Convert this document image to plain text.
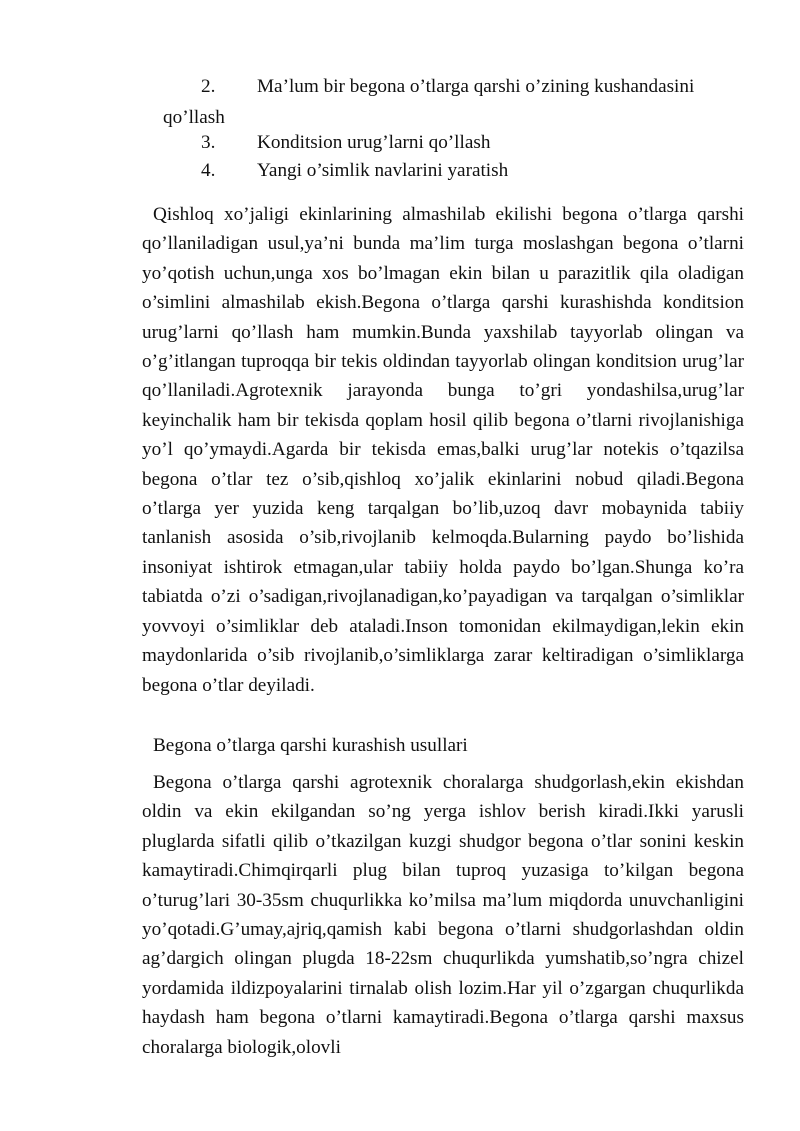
2. Ma’lum bir begona o’tlarga qarshi o’zining kushandasini
qo’llash
3. Konditsion urug’larni qo’llash
4. Yangi o’simlik navlarini yaratish

Qishloq xo’jaligi ekinlarining almashilab ekilishi begona o’tlarga qarshi qo’llaniladigan usul,ya’ni bunda ma’lim turga moslashgan begona o’tlarni yo’qotish uchun,unga xos bo’lmagan ekin bilan u parazitlik qila oladigan o’simlini almashilab ekish.Begona o’tlarga qarshi kurashishda konditsion urug’larni qo’llash ham mumkin.Bunda yaxshilab tayyorlab olingan va o’g’itlangan tuproqqa bir tekis oldindan tayyorlab olingan konditsion urug’lar qo’llaniladi.Agrotexnik jarayonda bunga to’gri yondashilsa,urug’lar keyinchalik ham bir tekisda qoplam hosil qilib begona o’tlarni rivojlanishiga yo’l qo’ymaydi.Agarda bir tekisda emas,balki urug’lar notekis o’tqazilsa begona o’tlar tez o’sib,qishloq xo’jalik ekinlarini nobud qiladi.Begona o’tlarga yer yuzida keng tarqalgan bo’lib,uzoq davr mobaynida tabiiy tanlanish asosida o’sib,rivojlanib kelmoqda.Bularning paydo bo’lishida insoniyat ishtirok etmagan,ular tabiiy holda paydo bo’lgan.Shunga ko’ra tabiatda o’zi o’sadigan,rivojlanadigan,ko’payadigan va tarqalgan o’simliklar yovvoyi o’simliklar deb ataladi.Inson tomonidan ekilmaydigan,lekin ekin maydonlarida o’sib rivojlanib,o’simliklarga zarar keltiradigan o’simliklarga begona o’tlar deyiladi.

Begona o’tlarga qarshi kurashish usullari

Begona o’tlarga qarshi agrotexnik choralarga shudgorlash,ekin ekishdan oldin va ekin ekilgandan so’ng yerga ishlov berish kiradi.Ikki yarusli pluglarda sifatli qilib o’tkazilgan kuzgi shudgor begona o’tlar sonini keskin kamaytiradi.Chimqirqarli plug bilan tuproq yuzasiga to’kilgan begona o’turug’lari 30-35sm chuqurlikka ko’milsa ma’lum miqdorda unuvchanligini yo’qotadi.G’umay,ajriq,qamish kabi begona o’tlarni shudgorlashdan oldin ag’dargich olingan plugda 18-22sm chuqurlikda yumshatib,so’ngra chizel yordamida ildizpoyalarini tirnalab olish lozim.Har yil o’zgargan chuqurlikda haydash ham begona o’tlarni kamaytiradi.Begona o’tlarga qarshi maxsus choralarga biologik,olovli
